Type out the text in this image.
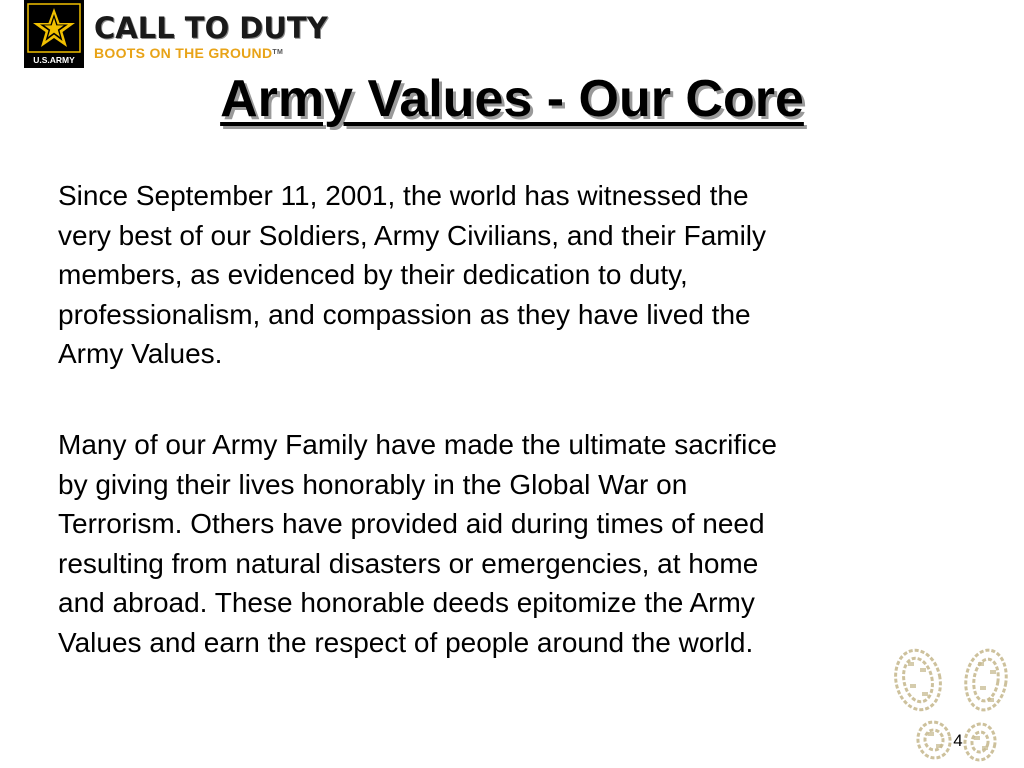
U.S.ARMY
CALL TO DUTY
BOOTS ON THE GROUND™
Army Values - Our Core

Since September 11, 2001, the world has witnessed the
very best of our Soldiers, Army Civilians, and their Family
members, as evidenced by their dedication to duty,
professionalism, and compassion as they have lived the
Army Values.

Many of our Army Family have made the ultimate sacrifice
by giving their lives honorably in the Global War on
Terrorism. Others have provided aid during times of need
resulting from natural disasters or emergencies, at home
and abroad. These honorable deeds epitomize the Army
Values and earn the respect of people around the world.

4
